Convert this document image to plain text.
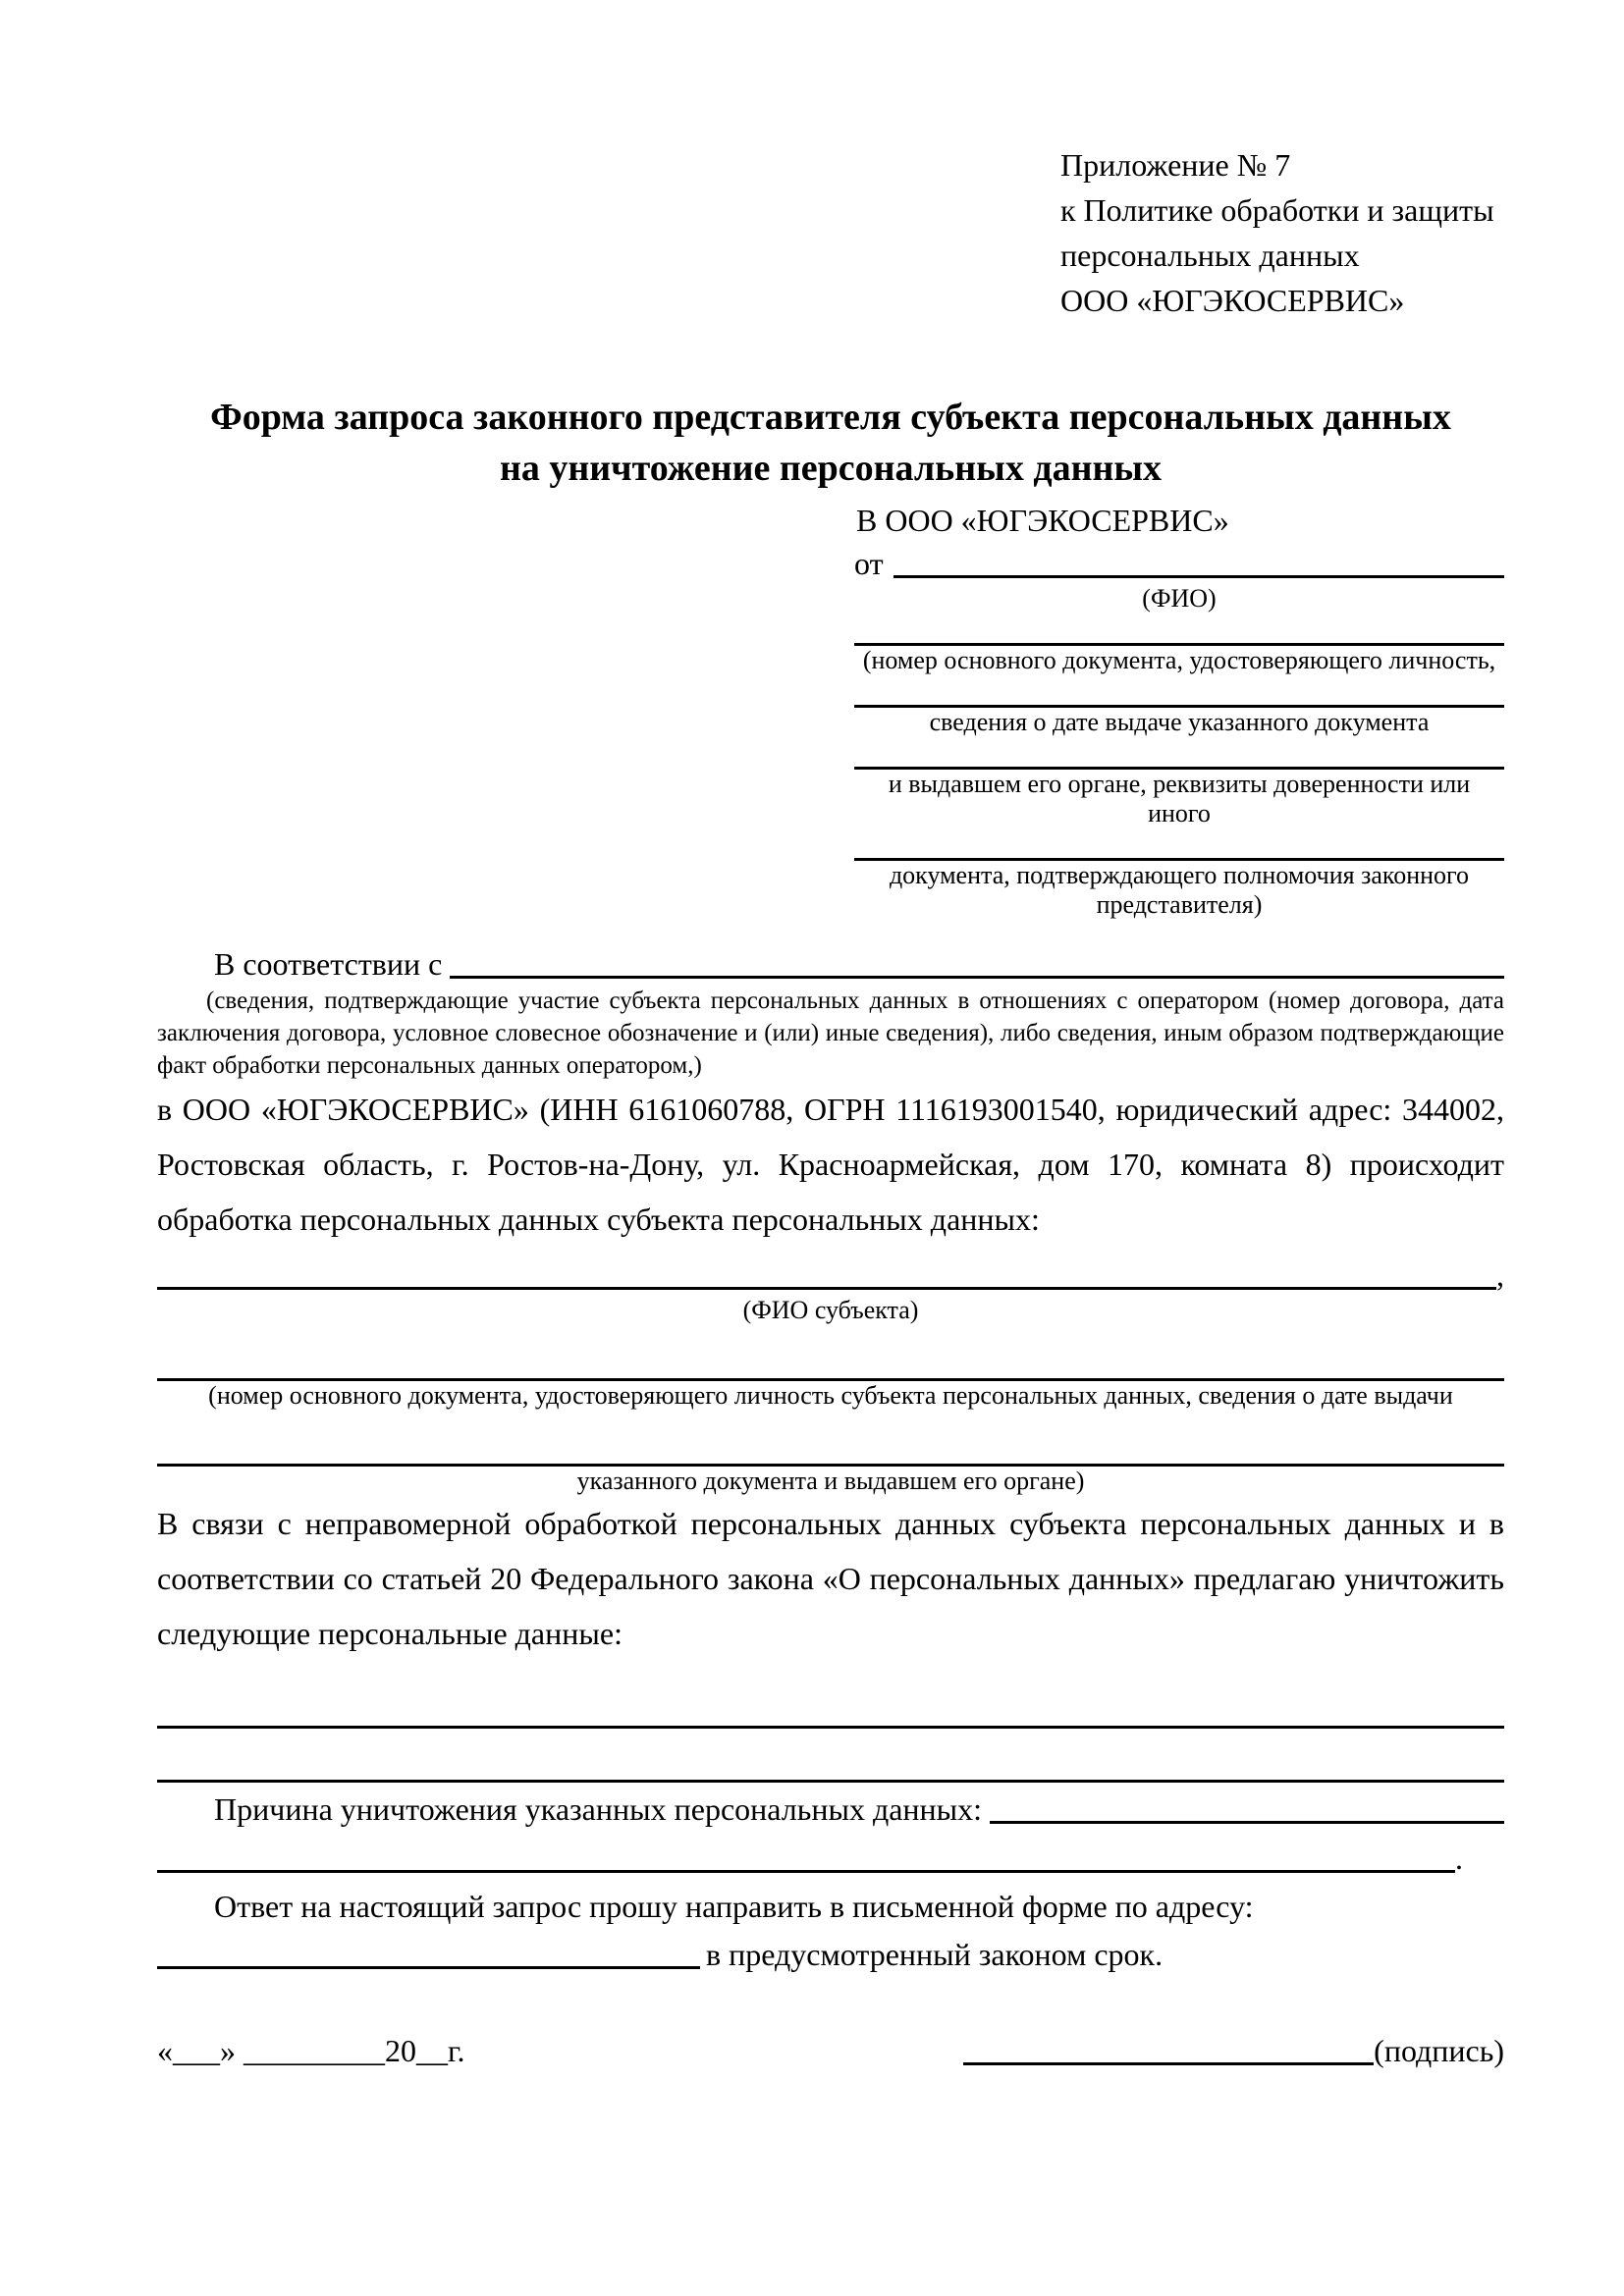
Приложение № 7
к Политике обработки и защиты
персональных данных
ООО «ЮГЭКОСЕРВИС»
Форма запроса законного представителя субъекта персональных данных
на уничтожение персональных данных
В ООО «ЮГЭКОСЕРВИС»
от
(ФИО)
(номер основного документа, удостоверяющего личность,
сведения о дате выдаче указанного документа
и выдавшем его органе, реквизиты доверенности или иного
документа, подтверждающего полномочия законного представителя)
В соответствии с
(сведения, подтверждающие участие субъекта персональных данных в отношениях с оператором (номер договора, дата заключения договора, условное словесное обозначение и (или) иные сведения), либо сведения, иным образом подтверждающие факт обработки персональных данных оператором,)
в ООО «ЮГЭКОСЕРВИС» (ИНН 6161060788, ОГРН 1116193001540, юридический адрес: 344002, Ростовская область, г. Ростов-на-Дону, ул. Красноармейская, дом 170, комната 8) происходит обработка персональных данных субъекта персональных данных:
,
(ФИО субъекта)
(номер основного документа, удостоверяющего личность субъекта персональных данных, сведения о дате выдачи
указанного документа и выдавшем его органе)
В связи с неправомерной обработкой персональных данных субъекта персональных данных и в соответствии со статьей 20 Федерального закона «О персональных данных» предлагаю уничтожить следующие персональные данные:
Причина уничтожения указанных персональных данных:
.
Ответ на настоящий запрос прошу направить в письменной форме по адресу:
в предусмотренный законом срок.
«___» _________20__г.	(подпись)
